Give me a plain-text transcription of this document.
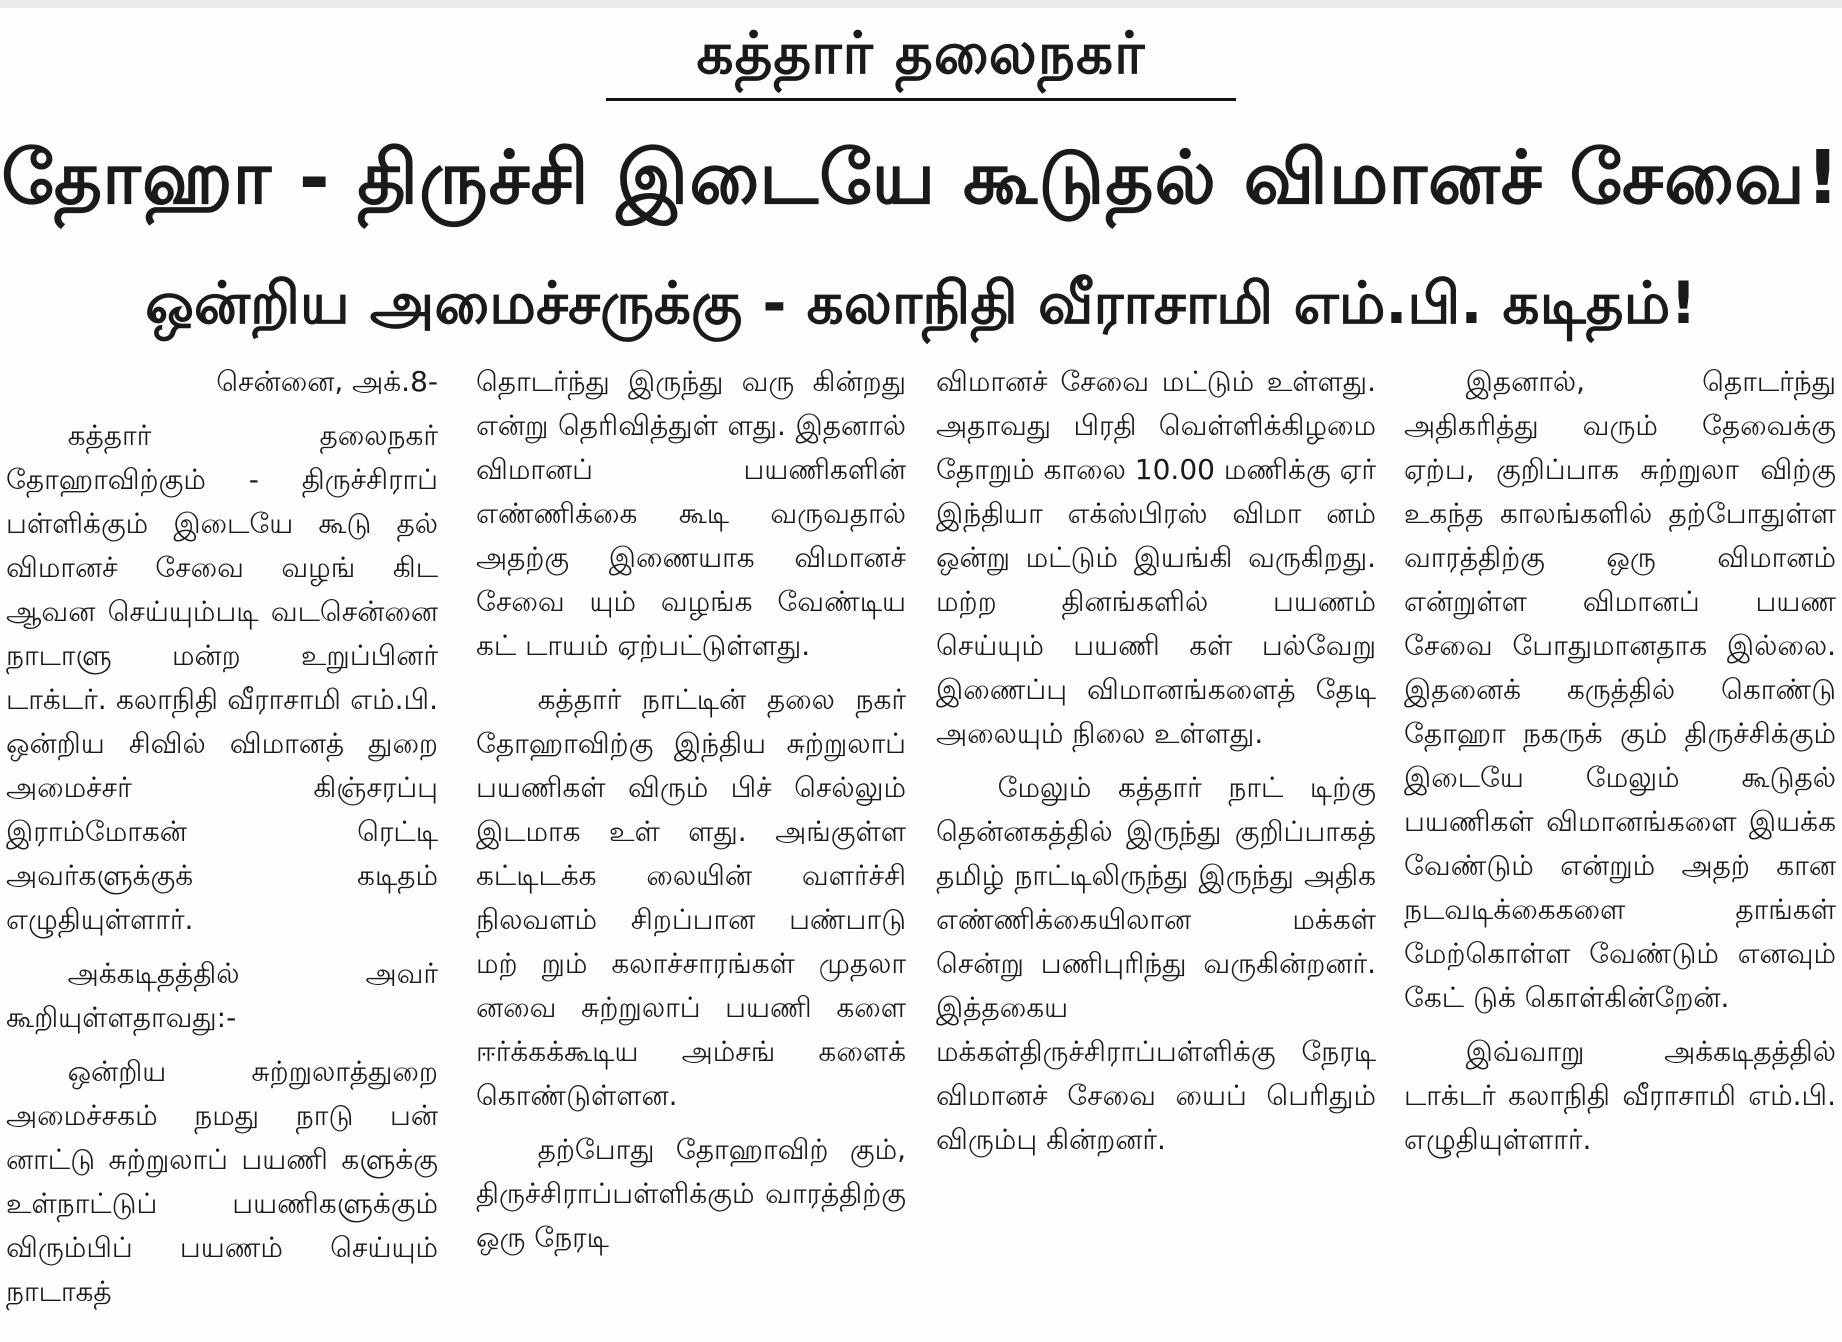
கத்தார் தலைநகர்
தோஹா - திருச்சி இடையே கூடுதல் விமானச் சேவை!
ஒன்றிய அமைச்சருக்கு - கலாநிதி வீராசாமி எம்.பி. கடிதம்!

சென்னை, அக்.8-

கத்தார் தலைநகர் தோஹாவிற்கும் - திருச்சிராப் பள்ளிக்கும் இடையே கூடு தல் விமானச் சேவை வழங் கிட ஆவன செய்யும்படி வடசென்னை நாடாளு மன்ற உறுப்பினர் டாக்டர். கலாநிதி வீராசாமி எம்.பி. ஒன்றிய சிவில் விமானத் துறை அமைச்சர் கிஞ்சரப்பு இராம்மோகன் ரெட்டி அவர்களுக்குக் கடிதம் எழுதியுள்ளார்.

அக்கடிதத்தில் அவர் கூறியுள்ளதாவது:-

ஒன்றிய சுற்றுலாத்துறை அமைச்சகம் நமது நாடு பன் னாட்டு சுற்றுலாப் பயணி களுக்கு உள்நாட்டுப் பயணிகளுக்கும் விரும்பிப் பயணம் செய்யும் நாடாகத்

தொடர்ந்து இருந்து வரு கின்றது என்று தெரிவித்துள் ளது. இதனால் விமானப் பயணிகளின் எண்ணிக்கை கூடி வருவதால் அதற்கு இணையாக விமானச் சேவை யும் வழங்க வேண்டிய கட் டாயம் ஏற்பட்டுள்ளது.

கத்தார் நாட்டின் தலை நகர் தோஹாவிற்கு இந்திய சுற்றுலாப் பயணிகள் விரும் பிச் செல்லும் இடமாக உள் ளது. அங்குள்ள கட்டிடக்க லையின் வளர்ச்சி நிலவளம் சிறப்பான பண்பாடு மற் றும் கலாச்சாரங்கள் முதலா னவை சுற்றுலாப் பயணி களை ஈர்க்கக்கூடிய அம்சங் களைக் கொண்டுள்ளன.

தற்போது தோஹாவிற் கும், திருச்சிராப்பள்ளிக்கும் வாரத்திற்கு ஒரு நேரடி

விமானச் சேவை மட்டும் உள்ளது. அதாவது பிரதி வெள்ளிக்கிழமை தோறும் காலை 10.00 மணிக்கு ஏர் இந்தியா எக்ஸ்பிரஸ் விமா னம் ஒன்று மட்டும் இயங்கி வருகிறது. மற்ற தினங்களில் பயணம் செய்யும் பயணி கள் பல்வேறு இணைப்பு விமானங்களைத் தேடி அலையும் நிலை உள்ளது.

மேலும் கத்தார் நாட் டிற்கு தென்னகத்தில் இருந்து குறிப்பாகத் தமிழ் நாட்டிலிருந்து இருந்து அதிக எண்ணிக்கையிலான மக்கள் சென்று பணிபுரிந்து வருகின்றனர். இத்தகைய மக்கள்திருச்சிராப்பள்ளிக்கு நேரடி விமானச் சேவை யைப் பெரிதும் விரும்பு கின்றனர்.

இதனால், தொடர்ந்து அதிகரித்து வரும் தேவைக்கு ஏற்ப, குறிப்பாக சுற்றுலா விற்கு உகந்த காலங்களில் தற்போதுள்ள வாரத்திற்கு ஒரு விமானம் என்றுள்ள விமானப் பயண சேவை போதுமானதாக இல்லை. இதனைக் கருத்தில் கொண்டு தோஹா நகருக் கும் திருச்சிக்கும் இடையே மேலும் கூடுதல் பயணிகள் விமானங்களை இயக்க வேண்டும் என்றும் அதற் கான நடவடிக்கைகளை தாங்கள் மேற்கொள்ள வேண்டும் எனவும் கேட் டுக் கொள்கின்றேன்.

இவ்வாறு அக்கடிதத்தில் டாக்டர் கலாநிதி வீராசாமி எம்.பி. எழுதியுள்ளார்.
